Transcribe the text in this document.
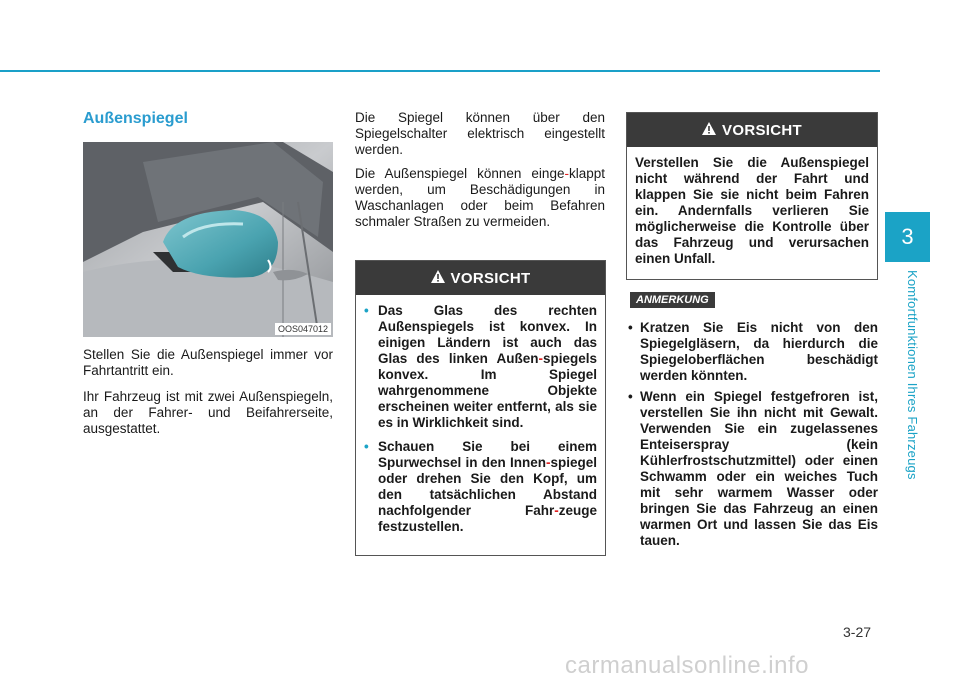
3
Komfortfunktionen Ihres Fahrzeugs
Außenspiegel
OOS047012

Stellen Sie die Außenspiegel immer vor Fahrtantritt ein.

Ihr Fahrzeug ist mit zwei Außenspiegeln, an der Fahrer- und Beifahrerseite, ausgestattet.

Die Spiegel können über den Spiegelschalter elektrisch eingestellt werden.

Die Außenspiegel können einge-klappt werden, um Beschädigungen in Waschanlagen oder beim Befahren schmaler Straßen zu vermeiden.

VORSICHT
• Das Glas des rechten Außenspiegels ist konvex. In einigen Ländern ist auch das Glas des linken Außen-spiegels konvex. Im Spiegel wahrgenommene Objekte erscheinen weiter entfernt, als sie es in Wirklichkeit sind.
• Schauen Sie bei einem Spurwechsel in den Innen-spiegel oder drehen Sie den Kopf, um den tatsächlichen Abstand nachfolgender Fahr-zeuge festzustellen.
VORSICHT
Verstellen Sie die Außenspiegel nicht während der Fahrt und klappen Sie sie nicht beim Fahren ein. Andernfalls verlieren Sie möglicherweise die Kontrolle über das Fahrzeug und verursachen einen Unfall.
ANMERKUNG
• Kratzen Sie Eis nicht von den Spiegelgläsern, da hierdurch die Spiegeloberflächen beschädigt werden könnten.
• Wenn ein Spiegel festgefroren ist, verstellen Sie ihn nicht mit Gewalt. Verwenden Sie ein zugelassenes Enteiserspray (kein Kühlerfrostschutzmittel) oder einen Schwamm oder ein weiches Tuch mit sehr warmem Wasser oder bringen Sie das Fahrzeug an einen warmen Ort und lassen Sie das Eis tauen.
3-27
carmanualsonline.info
